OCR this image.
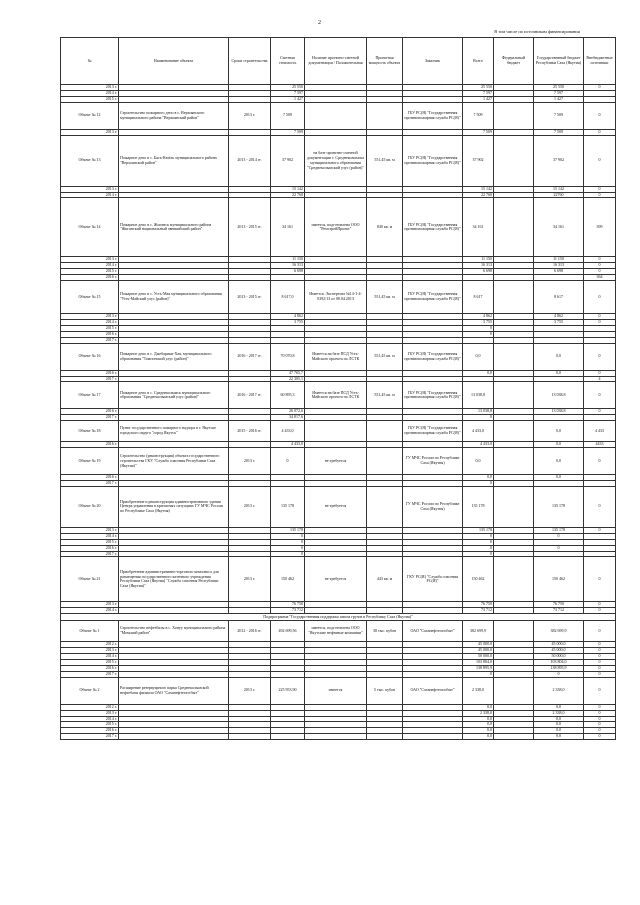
2
В том числе по источникам финансирования
№	Наименование объекта	Сроки строительства	Сметная стоимость	Наличие проектно-сметной документации / Положительная	Проектная мощность объекта	Заказчик	Всего	Федеральный бюджет	Государственный бюджет Республики Саха (Якутия)	Внебюджетные источники
2013 г.			25 550				25 550		25 550	0
2014 г.			7 597				7 597		7 597	
2015 г.			1 427				1 427		1 427	
Объект № 12	Строительство пожарного депо в с. Верхоянского муниципального района "Верхоянский район"	2013 г.	7 509			ГБУ РС(Я) "Государственная противопожарная служба РС(Я)"	7 509		7 509	0
2013 г.			7 509				7 509		7 509	0
Объект № 13	Пожарное депо в с. Бясь-Кюёль муниципального района "Верхоянский район"	2013 - 2014 гг.	37 902	на базе проектно-сметной документации г. Среднеколымска муниципального образования "Среднеколымский улус (район)"	551,45 кв. м	ГБУ РС(Я) "Государственная противопожарная служба РС(Я)"	37 902		37 902	0
2013 г.			15 142				15 142		15 142	0
2014 г.			22 760				22 760		22760	0
Объект № 14	Пожарное депо в с. Жиганск муниципального района "Жиганский национальный эвенкийский район"	2013 - 2015 гг.	34 161	имеется, подготовлена ООО "РемстройПроект"	840 кв. м	ГБУ РС(Я) "Государственная противопожарная служба РС(Я)"	34 161		34 161	399
2013 г.			11 150				11 150		11 150	0
2014 г.			16 313				16 313		16 313	0
2015 г.			6 698				6 698		6 698	0
2016 г.										364
Объект № 15	Пожарное депо в с. Усть-Мая муниципального образования "Усть-Майский улус (район)"	2013 - 2015 гг.	8 617,0	Имеется. Экспертиза №14-1-4-0392/13 от 08.04.2013	551,45 кв. м	ГБУ РС(Я) "Государственная противопожарная служба РС(Я)"	8 617		8 617	0
2013 г.			4 862				4 862		4 862	0
2014 г.			3 755				3 755		3 755	0
2015 г.							0			
2016 г.							0			
2017 г.										
Объект № 16	Пожарное депо в с. Джебарики-Хая, муниципального образования "Томпонский улус (район)"	2016 - 2017 гг.	70 070,8	Имеется на базе ПСД Усть-Майского проекта по ЛСТК	551,45 кв. м	ГБУ РС(Я) "Государственная противопожарная служба РС(Я)"	0,0		0,0	0
2016 г.			47 765,7				0,0		0,0	0
2017 г.			22 305,1							4
Объект № 17	Пожарное депо в с. Среднеколымск муниципального образования "Среднеколымский улус (район)"	2016 - 2017 гг.	60 895,3	Имеется на базе ПСД Усть-Майского проекта по ЛСТК	551,45 кв. м	ГБУ РС(Я) "Государственная противопожарная служба РС(Я)"	13 038,8		13 038,8	0
2016 г.			26 072,6				13 038,8		13 038,8	0
2017 г.			34 817,6				0			
Объект № 18	Пункт государственного пожарного надзора в г. Якутске городского округа "город Якутск"	2015 - 2016 гг.	4 433,0			ГБУ РС(Я) "Государственная противопожарная служба РС(Я)"	4 433,0		0,0	4 433
2016 г.			4 433,0				4 433,0		0,0	4433
Объект № 19	Строительство (реконструкция) объекта государственного строительства ГКУ "Служба спасения Республики Саха (Якутия)"	2013 г.	0	не требуется		ГУ МЧС России по Республике Саха (Якутия)	0,0		0,0	0
2016 г.							0,0		0,0	
2017 г.							0			
Объект № 20	Приобретение и реконструкция административного здания Центра управления в кризисных ситуациях ГУ МЧС России по Республике Саха (Якутия)	2013 г.	135 178	не требуется		ГУ МЧС России по Республике Саха (Якутия)	135 178		135 178	0
2013 г.			135 178				135 178		135 178	0
2014 г.			0				0		0	
2015 г.			0				0			
2016 г.			0				0		0	
2017 г.			0				0			
Объект № 21	Приобретение административно-торгового комплекса для размещения государственного казенного учреждения Республики Саха (Якутия) "Служба спасения Республики Саха (Якутия)"	2013 г.	150 462	не требуется	443 кв. м	ГКУ РС(Я) "Служба спасения РС(Я)"	150 462		150 462	0
2013 г.			76 750				76 750		76 750	0
2014 г.			73 712				73 712		73 712	0
Подпрограмма "Государственная поддержка завоза грузов в Республику Саха (Якутия)"										
Объект № 1	Строительство нефтебазы в с. Хонуу муниципального района "Момский район"	2012 - 2016 гг.	492 699,56	имеется, подготовлена ООО "Якутские нефтяные компании"	38 тыс. кубов	ОАО "Саханефтегазсбыт"	382 699,9		382 699,9	0
2012 г.							45 000,0		45 000,0	0
2013 г.							45 000,0		45 000,0	0
2014 г.							50 000,0		50 000,0	0
2015 г.							103 804,0		103 804,0	0
2016 г.							138 895,9		138 895,9	0
2017 г.							0		0	0
Объект № 2	Расширение резервуарного парка Среднеколымской нефтебазы филиала ОАО "Саханефтегазсбыт"	2013 г.	225 953,90	имеется	5 тыс. кубов	ОАО "Саханефтегазсбыт"	2 338,0		2 338,0	0
2012 г.							0,0		0,0	0
2013 г.							2 338,0		2 338,0	0
2014 г.							0,0		0,0	0
2015 г.							0,0		0,0	0
2016 г.							0,0		0,0	0
2017 г.							0,0		0,0	0
